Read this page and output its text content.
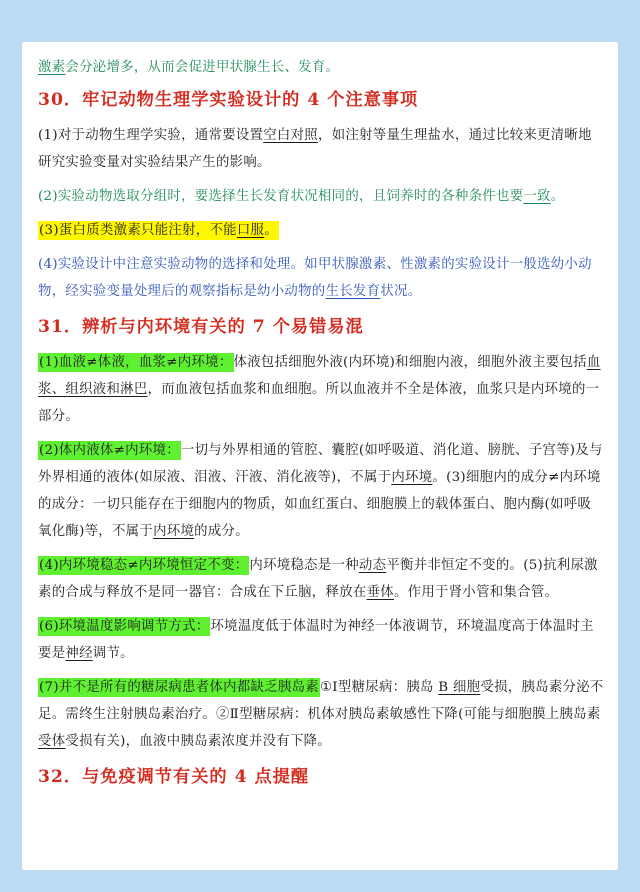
激素会分泌增多，从而会促进甲状腺生长、发育。

30．牢记动物生理学实验设计的 4 个注意事项

(1)对于动物生理学实验，通常要设置空白对照，如注射等量生理盐水，通过比较来更清晰地研究实验变量对实验结果产生的影响。

(2)实验动物选取分组时，要选择生长发育状况相同的，且饲养时的各种条件也要一致。

(3)蛋白质类激素只能注射，不能口服。

(4)实验设计中注意实验动物的选择和处理。如甲状腺激素、性激素的实验设计一般选幼小动物，经实验变量处理后的观察指标是幼小动物的生长发育状况。

31．辨析与内环境有关的 7 个易错易混

(1)血液≠体液，血浆≠内环境：体液包括细胞外液(内环境)和细胞内液，细胞外液主要包括血浆、组织液和淋巴，而血液包括血浆和血细胞。所以血液并不全是体液，血浆只是内环境的一部分。

(2)体内液体≠内环境：一切与外界相通的管腔、囊腔(如呼吸道、消化道、膀胱、子宫等)及与外界相通的液体(如尿液、泪液、汗液、消化液等)，不属于内环境。(3)细胞内的成分≠内环境的成分：一切只能存在于细胞内的物质，如血红蛋白、细胞膜上的载体蛋白、胞内酶(如呼吸氧化酶)等，不属于内环境的成分。

(4)内环境稳态≠内环境恒定不变：内环境稳态是一种动态平衡并非恒定不变的。(5)抗利尿激素的合成与释放不是同一器官：合成在下丘脑，释放在垂体。作用于肾小管和集合管。

(6)环境温度影响调节方式：环境温度低于体温时为神经一体液调节，环境温度高于体温时主要是神经调节。

(7)并不是所有的糖尿病患者体内都缺乏胰岛素①Ⅰ型糖尿病：胰岛 B 细胞受损，胰岛素分泌不足。需终生注射胰岛素治疗。②Ⅱ型糖尿病：机体对胰岛素敏感性下降(可能与细胞膜上胰岛素受体受损有关)，血液中胰岛素浓度并没有下降。

32．与免疫调节有关的 4 点提醒
